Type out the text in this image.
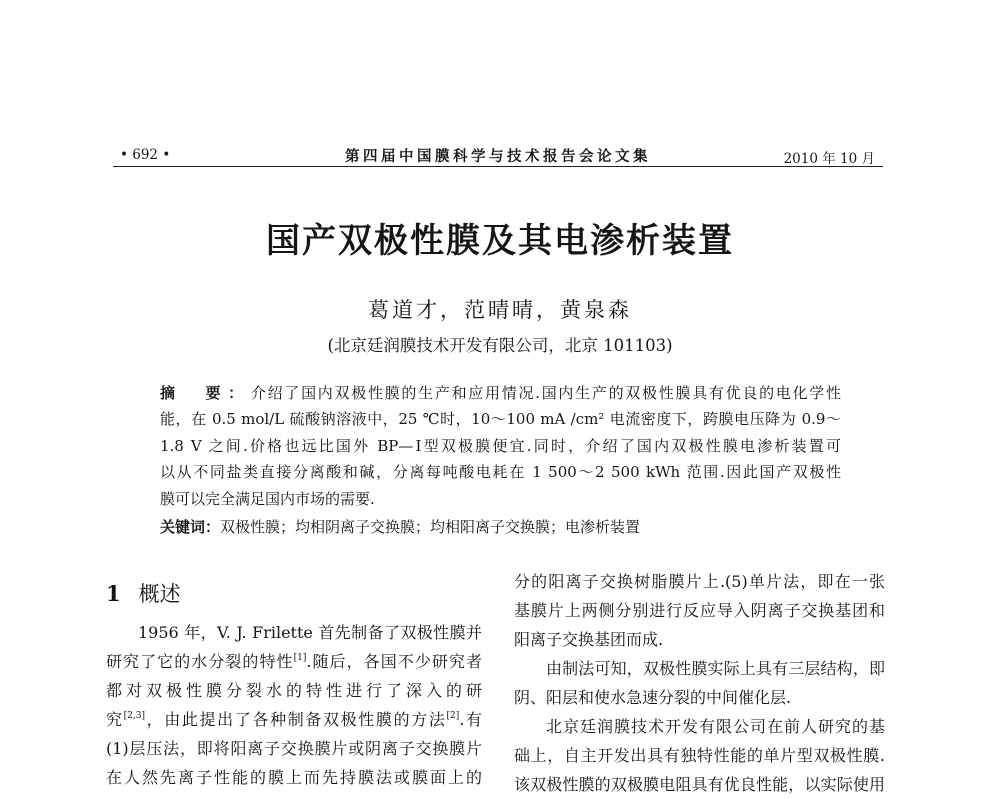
• 692 •	第四届中国膜科学与技术报告会论文集	2010 年 10 月
国产双极性膜及其电渗析装置
葛道才，范晴晴，黄泉森
(北京廷润膜技术开发有限公司，北京 101103)
摘　要：介绍了国内双极性膜的生产和应用情况.国内生产的双极性膜具有优良的电化学性
能，在 0.5 mol/L 硫酸钠溶液中，25 ℃时，10～100 mA /cm² 电流密度下，跨膜电压降为 0.9～
1.8 V 之间.价格也远比国外 BP—Ⅰ型双极膜便宜.同时，介绍了国内双极性膜电渗析装置可
以从不同盐类直接分离酸和碱，分离每吨酸电耗在 1 500～2 500 kWh 范围.因此国产双极性
膜可以完全满足国内市场的需要.
关键词：双极性膜；均相阴离子交换膜；均相阳离子交换膜；电渗析装置
1 概述
1956 年，V. J. Frilette 首先制备了双极性膜并
研究了它的水分裂的特性[1].随后，各国不少研究者
都对双极性膜分裂水的特性进行了深入的研
究[2,3]，由此提出了各种制备双极性膜的方法[2].有
(1)层压法，即将阳离子交换膜片或阴离子交换膜片
在人然先离子性能的膜上而先持膜法或膜面上的
分的阳离子交换树脂膜片上.(5)单片法，即在一张
基膜片上两侧分别进行反应导入阴离子交换基团和
阳离子交换基团而成.
由制法可知，双极性膜实际上具有三层结构，即
阴、阳层和使水急速分裂的中间催化层.
北京廷润膜技术开发有限公司在前人研究的基
础上，自主开发出具有独特性能的单片型双极性膜.
该双极性膜的双极膜电阻具有优良性能，以实际使用
